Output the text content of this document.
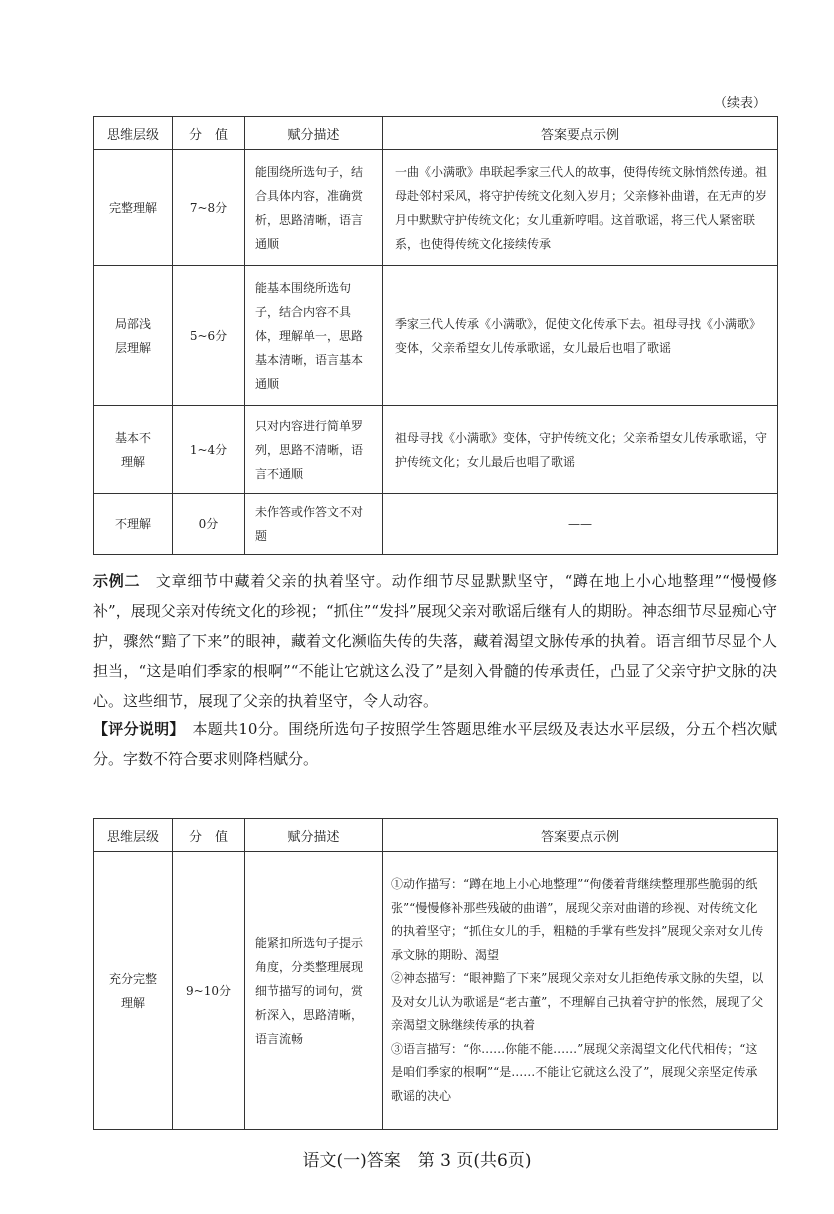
（续表）
思维层级	分　值	赋分描述	答案要点示例
完整理解	7~8分	能围绕所选句子，结合具体内容，准确赏析，思路清晰，语言通顺	一曲《小满歌》串联起季家三代人的故事，使得传统文脉悄然传递。祖母赴邻村采风，将守护传统文化刻入岁月；父亲修补曲谱，在无声的岁月中默默守护传统文化；女儿重新哼唱。这首歌谣，将三代人紧密联系，也使得传统文化接续传承
局部浅层理解	5~6分	能基本围绕所选句子，结合内容不具体，理解单一，思路基本清晰，语言基本通顺	季家三代人传承《小满歌》，促使文化传承下去。祖母寻找《小满歌》变体，父亲希望女儿传承歌谣，女儿最后也唱了歌谣
基本不理解	1~4分	只对内容进行简单罗列，思路不清晰，语言不通顺	祖母寻找《小满歌》变体，守护传统文化；父亲希望女儿传承歌谣，守护传统文化；女儿最后也唱了歌谣
不理解	0分	未作答或作答文不对题	——
示例二　文章细节中藏着父亲的执着坚守。动作细节尽显默默坚守，“蹲在地上小心地整理”“慢慢修补”，展现父亲对传统文化的珍视；“抓住”“发抖”展现父亲对歌谣后继有人的期盼。神态细节尽显痴心守护，骤然“黯了下来”的眼神，藏着文化濒临失传的失落，藏着渴望文脉传承的执着。语言细节尽显个人担当，“这是咱们季家的根啊”“不能让它就这么没了”是刻入骨髓的传承责任，凸显了父亲守护文脉的决心。这些细节，展现了父亲的执着坚守，令人动容。
【评分说明】　本题共10分。围绕所选句子按照学生答题思维水平层级及表达水平层级，分五个档次赋分。字数不符合要求则降档赋分。
思维层级	分　值	赋分描述	答案要点示例
充分完整理解	9~10分	能紧扣所选句子提示角度，分类整理展现细节描写的词句，赏析深入，思路清晰，语言流畅	①动作描写：“蹲在地上小心地整理”“佝偻着背继续整理那些脆弱的纸张”“慢慢修补那些残破的曲谱”，展现父亲对曲谱的珍视、对传统文化的执着坚守；“抓住女儿的手，粗糙的手掌有些发抖”展现父亲对女儿传承文脉的期盼、渴望
②神态描写：“眼神黯了下来”展现父亲对女儿拒绝传承文脉的失望，以及对女儿认为歌谣是“老古董”，不理解自己执着守护的怅然，展现了父亲渴望文脉继续传承的执着
③语言描写：“你……你能不能……”展现父亲渴望文化代代相传；“这是咱们季家的根啊”“是……不能让它就这么没了”，展现父亲坚定传承歌谣的决心
语文(一)答案　第 3 页(共6页)
